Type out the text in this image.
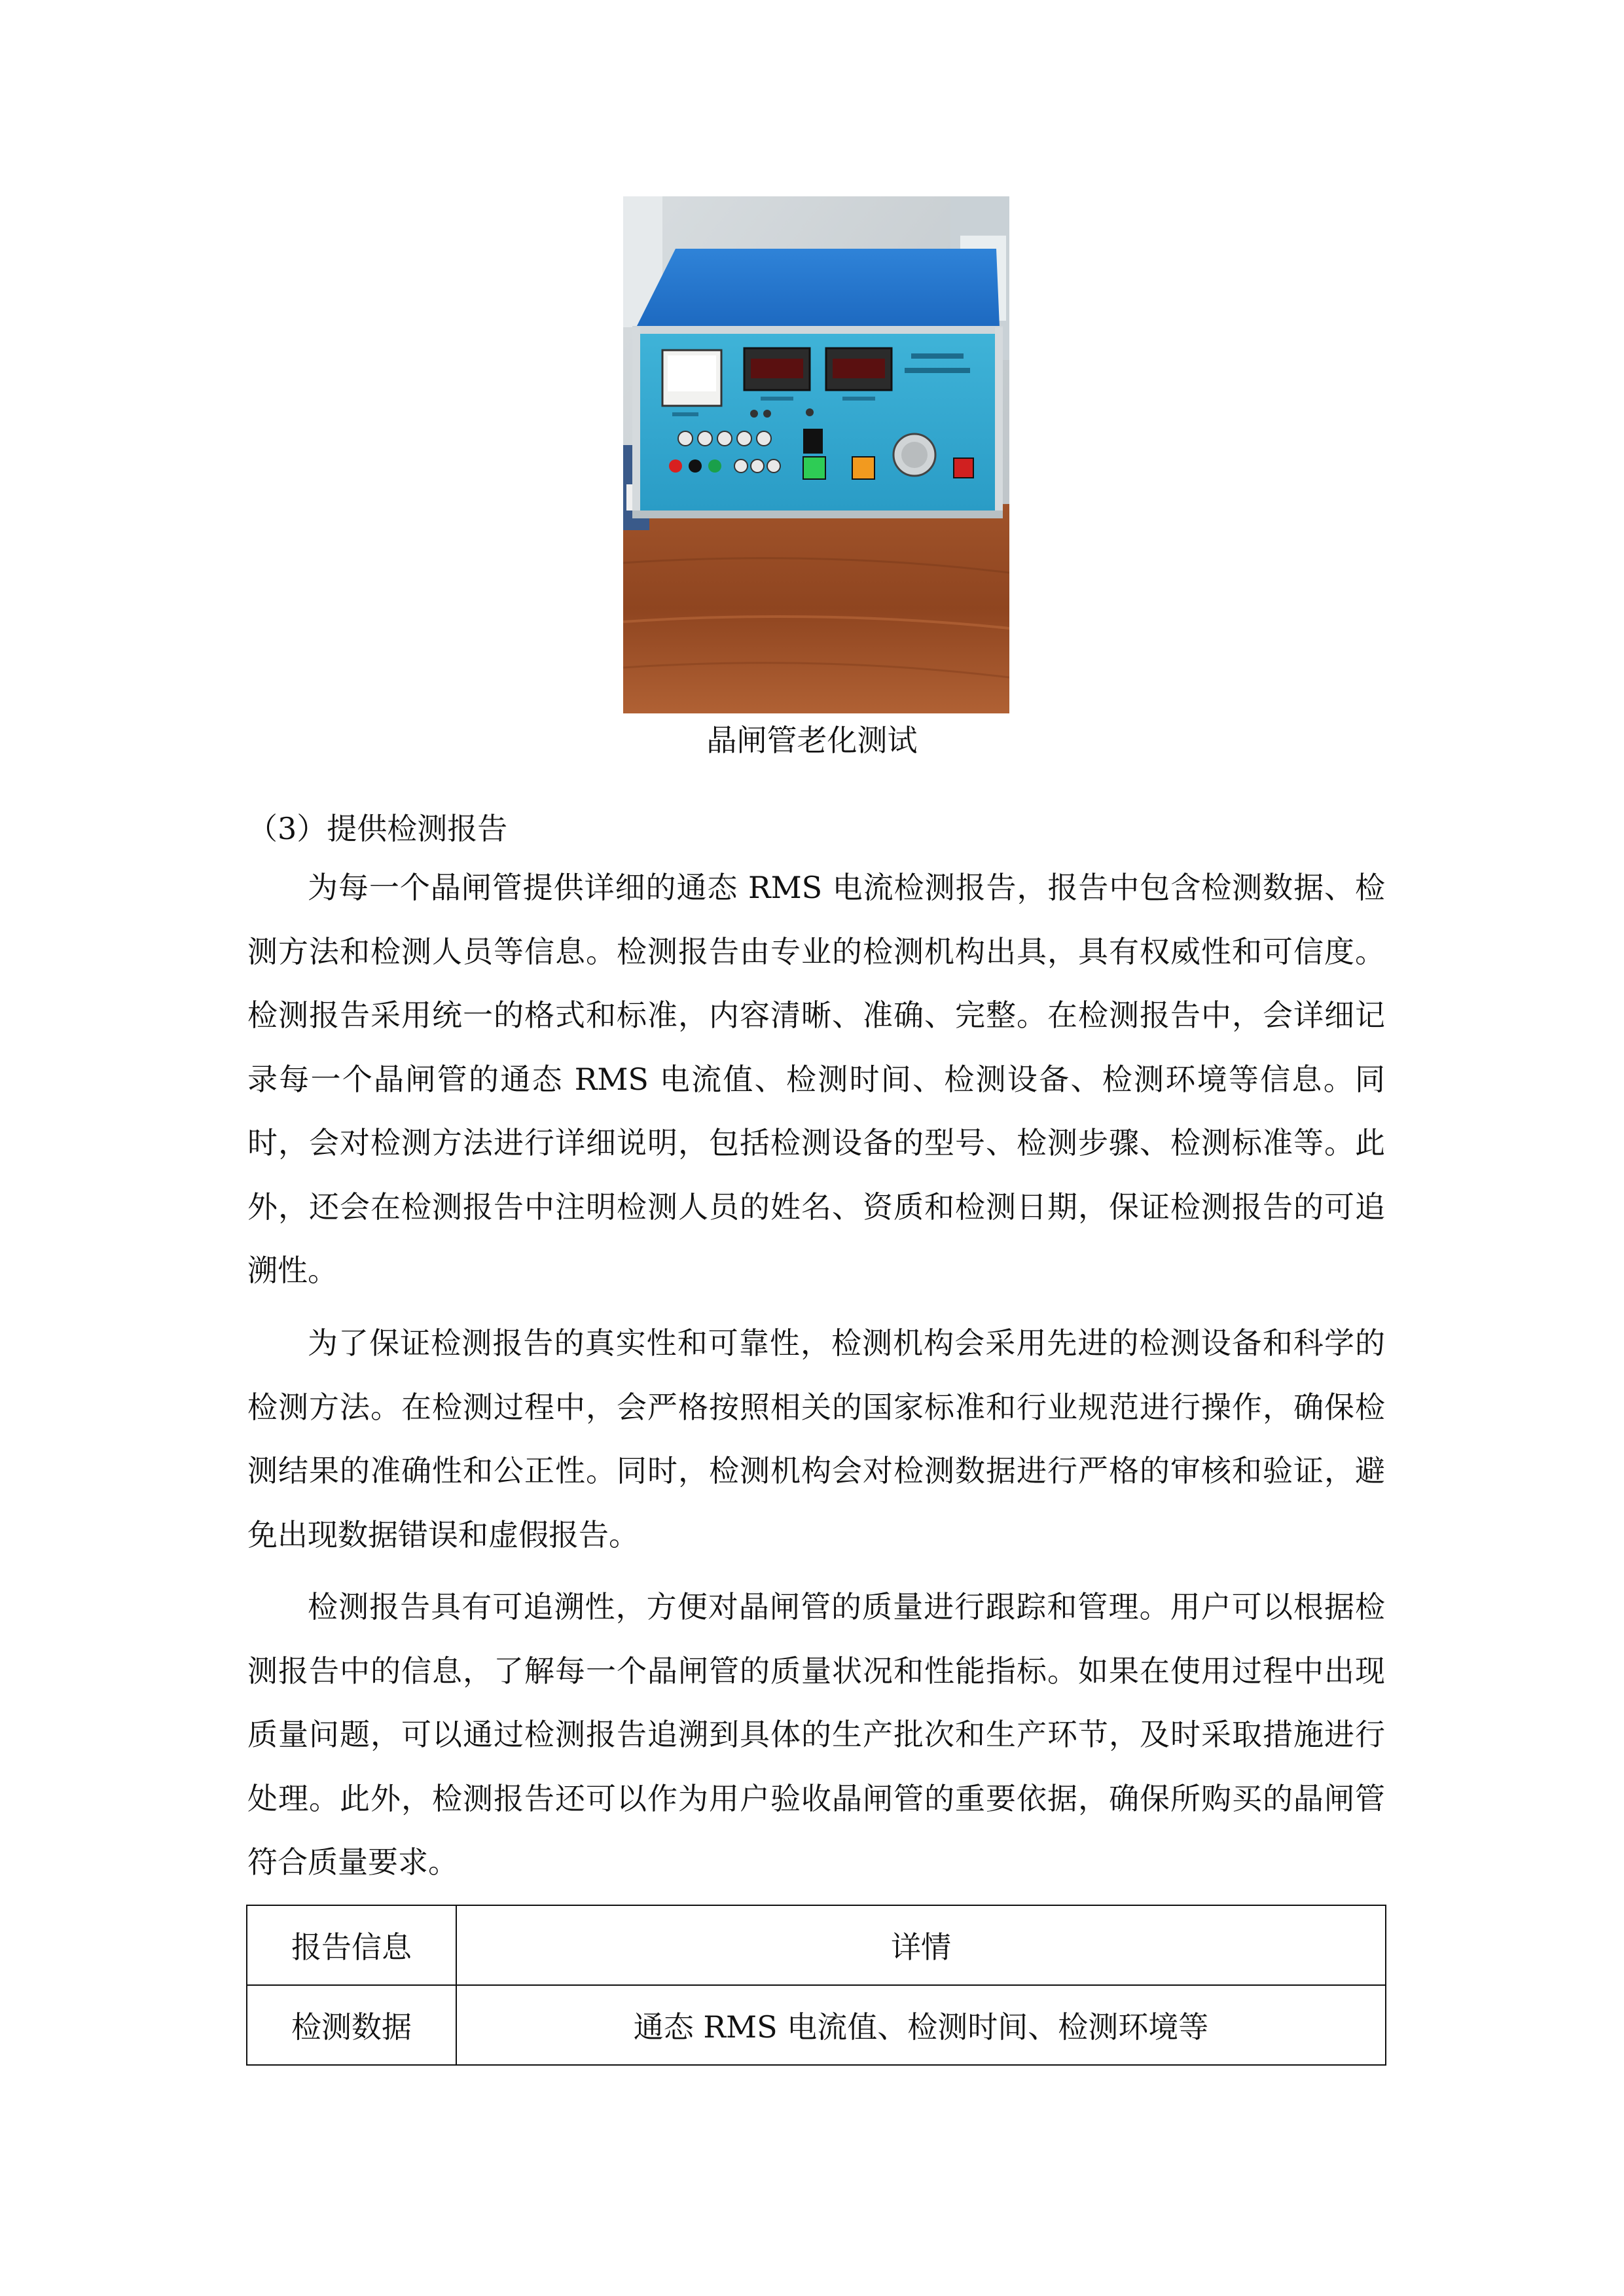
晶闸管老化测试
（3）提供检测报告

为每一个晶闸管提供详细的通态 RMS 电流检测报告，报告中包含检测数据、检测方法和检测人员等信息。检测报告由专业的检测机构出具，具有权威性和可信度。检测报告采用统一的格式和标准，内容清晰、准确、完整。在检测报告中，会详细记录每一个晶闸管的通态 RMS 电流值、检测时间、检测设备、检测环境等信息。同时，会对检测方法进行详细说明，包括检测设备的型号、检测步骤、检测标准等。此外，还会在检测报告中注明检测人员的姓名、资质和检测日期，保证检测报告的可追溯性。

为了保证检测报告的真实性和可靠性，检测机构会采用先进的检测设备和科学的检测方法。在检测过程中，会严格按照相关的国家标准和行业规范进行操作，确保检测结果的准确性和公正性。同时，检测机构会对检测数据进行严格的审核和验证，避免出现数据错误和虚假报告。

检测报告具有可追溯性，方便对晶闸管的质量进行跟踪和管理。用户可以根据检测报告中的信息，了解每一个晶闸管的质量状况和性能指标。如果在使用过程中出现质量问题，可以通过检测报告追溯到具体的生产批次和生产环节，及时采取措施进行处理。此外，检测报告还可以作为用户验收晶闸管的重要依据，确保所购买的晶闸管符合质量要求。

报告信息	详情
检测数据	通态 RMS 电流值、检测时间、检测环境等
